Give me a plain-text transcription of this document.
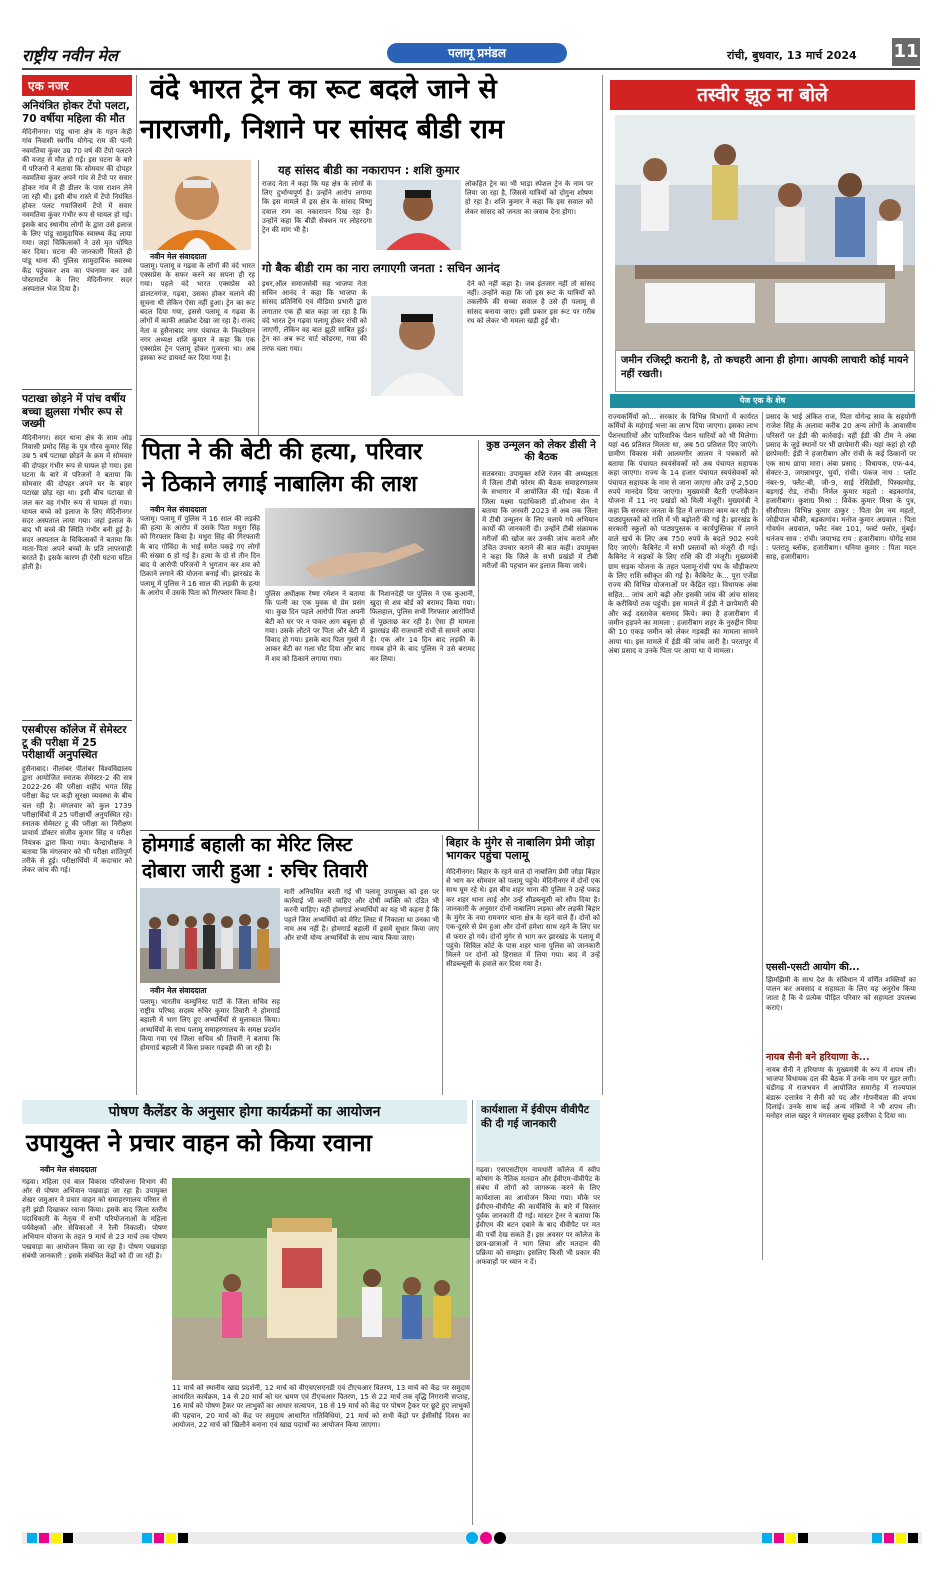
राष्ट्रीय नवीन मेल	पलामू प्रमंडल	रांची, बुधवार, 13 मार्च 2024 11
एक नजर
अनियंत्रित होकर टेंपो पलटा, 70 वर्षीया महिला की मौत
मेदिनीनगर। पांडू थाना क्षेत्र के गहन केही गांव निवासी स्वर्गीय योगेन्द्र राम की पत्नी नवमतिया कुंवर उम्र 70 वर्ष की टेंपो पलटने की वजह से मौत हो गई। इस घटना के बारे में परिजनों ने बताया कि सोमवार की दोपहर नवमतिया कुंवर अपने गांव से टेंपो पर सवार होकर गांव में ही डीलर के पास राशन लेने जा रही थी। इसी बीच रास्ते में टेंपो नियंत्रित होकर पलट गयाजिसमें टेंपो में सवार नवमतिया कुंवर गंभीर रूप से घायल हो गई। इसके बाद स्थानीय लोगों के द्वारा उसे इलाज के लिए पांडू सामुदायिक स्वास्थ्य केंद्र लाया गया। जहां चिकित्सकों ने उसे मृत घोषित कर दिया। घटना की जानकारी मिलते ही पांडू थाना की पुलिस सामुदायिक स्वास्थ्य केंद्र पहुंचकर शव का पंचनामा कर उसे पोस्टमार्टम के लिए मेदिनीनगर सदर अस्पताल भेज दिया है।
पटाखा छोड़ने में पांच वर्षीय बच्चा झुलसा गंभीर रूप से जख्मी
मेदिनीनगर। सदर थाना क्षेत्र के साम ओड़ निवासी प्रमोद सिंह के पुत्र गौरव कुमार सिंह उम्र 5 वर्ष पटाखा छोड़ने के क्रम में सोमवार की दोपहर गंभीर रूप से घायल हो गया। इस घटना के बारे में परिजनों ने बताया कि सोमवार की दोपहर अपने घर के बाहर पटाखा छोड़ रहा था। इसी बीच पटाखा से जल कर वह गंभीर रूप से घायल हो गया। घायल बच्चे को इलाज के लिए मेदिनीनगर सदर अस्पताल लाया गया। जहां इलाज के बाद भी बच्चे की स्थिति गंभीर बनी हुई है। सदर अस्पताल के चिकित्सकों ने बताया कि माता-पिता अपने बच्चों के प्रति लापरवाही बरतते हैं। इसके कारण ही ऐसी घटना घटित होती है।
एसबीएस कॉलेज में सेमेस्टर टू की परीक्षा में 25 परीक्षार्थी अनुपस्थित
हुसैनाबाद। नीलांबर पीतांबर विश्वविद्यालय द्वारा आयोजित स्नातक सेमेस्टर-2 की सत्र 2022-26 की परीक्षा शहीद भगत सिंह परीक्षा केंद्र पर कड़ी सुरक्षा व्यवस्था के बीच चल रही है। मंगलवार को कुल 1739 परीक्षार्थियों में 25 परीक्षार्थी अनुपस्थित रहे। स्नातक सेमेस्टर टू की परीक्षा का निरीक्षण प्राचार्य डॉक्टर संजीव कुमार सिंह व परीक्षा नियंत्रक द्वारा किया गया। केन्द्राधीक्षक ने बताया कि मंगलवार को भी परीक्षा शांतिपूर्ण तरीके से हुई। परीक्षार्थियों में कदाचार को लेकर जांच की गई।
वंदे भारत ट्रेन का रूट बदले जाने से
नाराजगी, निशाने पर सांसद बीडी राम
नवीन मेल संवाददाता
पलामू। पलामू व गढ़वा के लोगों की वंदे भारत एक्सप्रेस के सफर करने का सपना ही रह गया। पहले वंदे भारत एक्सप्रेस को डालटनगंज, गढ़वा, उसका होकर चलाने की सूचना थी लेकिन ऐसा नहीं हुआ। ट्रेन का रूट बदल दिया गया, इससे पलामू व गढ़वा के लोगों में काफी आक्रोश देखा जा रहा है। राजद नेता व हुसैनाबाद नगर पंचायत के निवर्तमान नगर अध्यक्ष शशि कुमार ने कहा कि एक एक्सप्रेस ट्रेन पलामू होकर गुजरना था। अब इसका रूट डायवर्ट कर दिया गया है।
यह सांसद बीडी का नकारापन : शशि कुमार
राजद नेता ने कहा कि यह क्षेत्र के लोगों के लिए दुर्भाग्यपूर्ण है। उन्होंने आरोप लगाया कि इस मामले में इस क्षेत्र के सांसद विष्णु दयाल राम का नकारापन दिख रहा है। उन्होंने कहा कि बीडी सेक्शन पर लोहरदगा ट्रेन की मांग भी है।
लोकहित ट्रेन का भी भाड़ा स्पेशल ट्रेन के नाम पर लिया जा रहा है, जिससे यात्रियों को दोगुना शोषण हो रहा है। शशि कुमार ने कहा कि इस सवाल को लेकर सांसद को जनता का जवाब देना होगा।
गो बैक बीडी राम का नारा लगाएगी जनता : सचिन आनंद
इधर,ऑल समाजसेवी सह भाजपा नेता सचिन आनंद ने कहा कि भाजपा के सांसद प्रतिनिधि एवं मीडिया प्रभारी द्वारा लगातार एक ही बात कहा जा रहा है कि वंदे भारत ट्रेन गढ़वा पलामू होकर रांची को जाएगी, लेकिन वह बात झूठी साबित हुई। ट्रेन का अब रूट चार्ट कोडरमा, गया की तरफ चला गया।
देने को नहीं कहा है। जब इंतजार नहीं तो सांसद नहीं। उन्होंने कहा कि जो इस रूट के यात्रियों को तकलीफें की सच्चा सवाल है उसे ही पलामू से सांसद बनाया जाए। इसी प्रकार इस रूट पर गरीब रथ को लेकर भी ममला खड़ी हुई थी।
तस्वीर झूठ ना बोले
जमीन रजिस्ट्री करानी है, तो कचहरी आना ही होगा। आपकी लाचारी कोई मायने नहीं रखती।
पेज एक के शेष
पिता ने की बेटी की हत्या, परिवार
ने ठिकाने लगाई नाबालिग की लाश
नवीन मेल संवाददाता
पलामू। पलामू में पुलिस ने 16 साल की लड़की की हत्या के आरोप में उसके पिता मथुरा सिंह को गिरफ्तार किया है। मथुरा सिंह की गिरफ्तारी के बाद गोविंदा के भाई समेत पकड़े गए लोगों की संख्या 6 हो गई है। हत्या के दो से तीन दिन बाद ये आरोपी परिजनों ने भुगतान कर शव को ठिकाने लगाने की योजना बनाई थी। झारखंड के पलामू में पुलिस ने 16 साल की लड़की के हत्या के आरोप में उसके पिता को गिरफ्तार किया है।	पुलिस अधीक्षक रेष्मा रमेशन ने बताया कि पत्नी का एक युवक से प्रेम प्रसंग था। कुछ दिन पहले आरोपी पिता अपनी बेटी को घर पर न पाकर आग बबूला हो गया। उसके लौटने पर पिता और बेटी में विवाद हो गया। इसके बाद पिता गुस्से में आकर बेटी का गला घोंट दिया और बाद में शव को ठिकाने लगाया गया।
के निशानदेही पर पुलिस ने एक कुआनी, खुदा से शव बोर्ड को बरामद किया गया। फिलहाल, पुलिस सभी गिरफ्तार आरोपियों से पूछताछ कर रही है। ऐसा ही मामला झारखंड की राजधानी रांची से सामने आया है। एक ओर 14 दिन बाद लड़की के गायब होने के बाद पुलिस ने उसे बरामद कर लिया।
कुष्ठ उन्मूलन को लेकर डीसी ने की बैठक
सतबरवा। उपायुक्त शशि रंजन की अध्यक्षता में जिला टीबी फोरम की बैठक समाहरणालय के सभागार में आयोजित की गई। बैठक में जिला यक्ष्मा पदाधिकारी डॉ.शोभना सेन ने बताया कि जनवरी 2023 से अब तक जिला में टीबी उन्मूलन के लिए चलाये गये अभियान कार्यों की जानकारी दी। उन्होंने टीबी संक्रामक मरीजों की खोज कर उनकी जांच कराने और उचित उपचार कराने की बात कही। उपायुक्त ने कहा कि जिले के सभी प्रखंडों में टीबी मरीजों की पहचान कर इलाज किया जाये।
राज्यकर्मियों को... सरकार के विभिन्न विभागों में कार्यरत कर्मियों के महंगाई भत्ता का लाभ दिया जाएगा। इसका लाभ पेंशनधारियों और पारिवारिक पेंशन धारियों को भी मिलेगा। यहां 46 प्रतिशत मिलता था, अब 50 प्रतिशत दिए जाएंगे। ग्रामीण विकास मंत्री आलमगीर आलम ने पत्रकारों को बताया कि पंचायत स्वयंसेवकों को अब पंचायत सहायक कहा जाएगा। राज्य के 14 हजार पंचायत स्वयंसेवकों को पंचायत सहायक के नाम से जाना जाएगा और उन्हें 2,500 रुपये मानदेय दिया जाएगा। मुख्यमंत्री बैटरी एप्लीकेशन योजना में 11 नए प्रखंडों को मिली मंजूरी। मुख्यमंत्री ने कहा कि सरकार जनता के हित में लगातार काम कर रही है। पाठ्यपुस्तकों को राशि में भी बढ़ोतरी की गई है। झारखंड के सरकारी स्कूलों को पाठ्यपुस्तक व कार्यपुस्तिका में लगने वाले खर्च के लिए अब 750 रुपये के बदले 902 रुपये दिए जाएंगे। कैबिनेट में सभी प्रस्तावों को मंजूरी दी गई। कैबिनेट ने सड़कों के लिए राशि की दी मंजूरी। मुख्यमंत्री ग्राम सड़क योजना के तहत पलामू-रांची पथ के चौड़ीकरण के लिए राशि स्वीकृत की गई है। कैबिनेट के... पूरा एजेंडा राज्य की विभिन्न योजनाओं पर केंद्रित रहा। विधायक अंबा सहित... जांच आगे बढ़ी और इसकी जांच की आंच सांसद के करीबियों तक पहुंची। इस मामले में ईडी ने छापेमारी की और कई दस्तावेज बरामद किये। क्या है हजारीबाग में जमीन हड़पने का मामला : हजारीबाग शहर के नुरुद्दीन मिया की 10 एकड़ जमीन को लेकर गड़बड़ी का मामला सामने आया था। इस मामले में ईडी की जांच जारी है। परतापुर में अंबा प्रसाद व उनके पिता पर आया था ये मामला।
प्रसाद के भाई अंकित राज, पिता योगेन्द्र साव के सहयोगी राजेश सिंह के अलावा करीब 20 अन्य लोगों के आवासीय परिसरों पर ईडी की कार्रवाई। वहीं ईडी की टीम ने अंबा प्रसाद के जुड़े स्थानों पर भी छापेमारी की। यहां कहां हो रही छापेमारी: ईडी ने हजारीबाग और रांची के कई ठिकानों पर एक साथ छापा मारा। अंबा प्रसाद : विधायक, एफ-44, सेक्टर-3, जगन्नाथपुर, धुर्वा, रांची। पंकज नाथ : प्लॉट नंबर-9, फ्लैट-बी, जी-9, साई रेसिडेंसी, पिस्कामोड़, बड़गाई रोड, रांची। निर्मल कुमार महतो : बड़कागांव, हजारीबाग। कुशाग्र मिश्रा : विवेक कुमार मिश्रा के पुत्र, सीसीएल। विभिन्न कुमार ठाकुर : पिता प्रेम नम महतो, जोड़ीपाल चौकी, बड़कागांव। मनोज कुमार अग्रवाल : पिता गोवर्धन अग्रवाल, फ्लैट नंबर 101, फर्स्ट फ्लोर, मुंबई। धनंजय साव : रांची। जयाभद्र राय : हजारीबाग। योगेंद्र साव : पतरातू ब्लॉक, हजारीबाग। धनिया कुमार : पिता मदन साह, हजारीबाग।
एससी-एसटी आयोग की...
झिमझिमी के साथ देश के संविधान में वर्णित शक्तियों का पालन कर अवसाद व सहायता के लिए यह अनुरोध किया जाता है कि वे प्रत्येक पीड़ित परिवार को सहायता उपलब्ध कराएं।
नायब सैनी बने हरियाणा के...
नायब सैनी ने हरियाणा के मुख्यमंत्री के रूप में शपथ ली। भाजपा विधायक दल की बैठक में उनके नाम पर मुहर लगी। चंडीगढ़ में राजभवन में आयोजित समारोह में राज्यपाल बंडारू दत्तात्रेय ने सैनी को पद और गोपनीयता की शपथ दिलाई। उनके साथ कई अन्य मंत्रियों ने भी शपथ ली। मनोहर लाल खट्टर ने मंगलवार सुबह इस्तीफा दे दिया था।
होमगार्ड बहाली का मेरिट लिस्ट
दोबारा जारी हुआ : रुचिर तिवारी
नवीन मेल संवाददाता
पलामू। भारतीय कम्युनिस्ट पार्टी के जिला सचिव सह राष्ट्रीय परिषद सदस्य रुचिर कुमार तिवारी ने होमगार्ड बहाली में भाग लिए हुए अभ्यर्थियों से मुलाकात किया। अभ्यर्थियों के साथ पलामू समाहरणालय के समक्ष प्रदर्शन किया गया एवं जिला सचिव श्री तिवारी ने बताया कि होमगार्ड बहाली में किस प्रकार गड़बड़ी की जा रही है।
मारी अनियमित बरती गई थी पलामू उपायुक्त को इस पर कार्रवाई भी करनी चाहिए और दोषी व्यक्ति को दंडित भी करनी चाहिए। वही होमगार्ड अभ्यर्थियों का यह भी कहना है कि पहले जिस अभ्यर्थियों को मेरिट लिस्ट में निकाला था उनका भी नाम अब नहीं है। होमगार्ड बहाली में इसमें सुधार किया जाए और सभी योग्य अभ्यर्थियों के साथ न्याय किया जाए।
बिहार के मुंगेर से नाबालिग प्रेमी जोड़ा भागकर पहुंचा पलामू
मेदिनीनगर। बिहार के रहने वाले दो नाबालिग प्रेमी जोड़ा बिहार से भाग कर सोमवार को पलामू पहुंचे। मेदिनीनगर में दोनों एक साथ घूम रहे थे। इस बीच शहर थाना की पुलिस ने उन्हें पकड़ कर शहर थाना लाई और उन्हें सीडब्ल्यूसी को सौंप दिया है। जानकारी के अनुसार दोनों नाबालिग लड़का और लड़की बिहार के मुंगेर के नया रामनगर थाना क्षेत्र के रहने वाले हैं। दोनों को एक-दूसरे से प्रेम हुआ और दोनों हमेशा साथ रहने के लिए घर से फरार हो गये। दोनों मुंगेर से भाग कर झारखंड के पलामू में पहुंचे। सिविल कोर्ट के पास शहर थाना पुलिस को जानकारी मिलने पर दोनों को हिरासत में लिया गया। बाद में उन्हें सीडब्ल्यूसी के हवाले कर दिया गया है।
पोषण कैलेंडर के अनुसार होगा कार्यक्रमों का आयोजन
उपायुक्त ने प्रचार वाहन को किया रवाना
नवीन मेल संवाददाता
गढ़वा। महिला एवं बाल विकास परियोजना विभाग की ओर से पोषण अभियान पखवाड़ा जा रहा है। उपायुक्त शेखर जमुआर ने प्रचार वाहन को समाहरणालय परिसर से हरी झंडी दिखाकर रवाना किया। इसके बाद जिला स्तरीय पदाधिकारी के नेतृत्व में सभी परियोजनाओं के महिला पर्यवेक्षकों और सेविकाओं ने रैली निकाली। पोषण अभियान योजना के तहत 9 मार्च से 23 मार्च तक पोषण पखवाड़ा का आयोजन किया जा रहा है। पोषण पखवाड़ा संबंधी जानकारी : इसके संबंधित केंद्रों को दी जा रही है।
11 मार्च को स्थानीय खाद्य प्रदर्शनी, 12 मार्च को वीएचएसएनडी एवं टीएचआर वितरण, 13 मार्च को केंद्र पर समुदाय आधारित कार्यक्रम, 14 से 20 मार्च को घर भ्रमण एवं टीएचआर वितरण, 15 से 22 मार्च तक वृद्धि निगरानी सप्ताह, 16 मार्च को पोषण ट्रैकर पर लाभुकों का आधार सत्यापन, 18 से 19 मार्च को केंद्र पर पोषण ट्रैकर पर छूटे हुए लाभुकों की पहचान, 20 मार्च को केंद्र पर समुदाय आधारित गतिविधियां, 21 मार्च को सभी केंद्रों पर ईसीसीई दिवस का आयोजन, 22 मार्च को खिलौने बनाना एवं खाद्य पदार्थों का आयोजन किया जाएगा।
कार्यशाला में ईवीएम वीवीपैट की दी गई जानकारी
गढ़वा। एसएसटीएम नामधारी कॉलेज में स्वीप कोषांग के नैतिक मतदान और ईवीएम-वीवीपैट के संबंध में लोगों को जागरूक करने के लिए कार्यशाला का आयोजन किया गया। मौके पर ईवीएम-वीवीपैट की कार्यविधि के बारे में विस्तार पूर्वक जानकारी दी गई। मास्टर ट्रेनर ने बताया कि ईवीएम की बटन दबाने के बाद वीवीपैट पर मत की पर्ची देख सकते हैं। इस अवसर पर कॉलेज के छात्र-छात्राओं ने भाग लिया और मतदान की प्रक्रिया को समझा। इसलिए किसी भी प्रकार की अफवाहों पर ध्यान न दें।
